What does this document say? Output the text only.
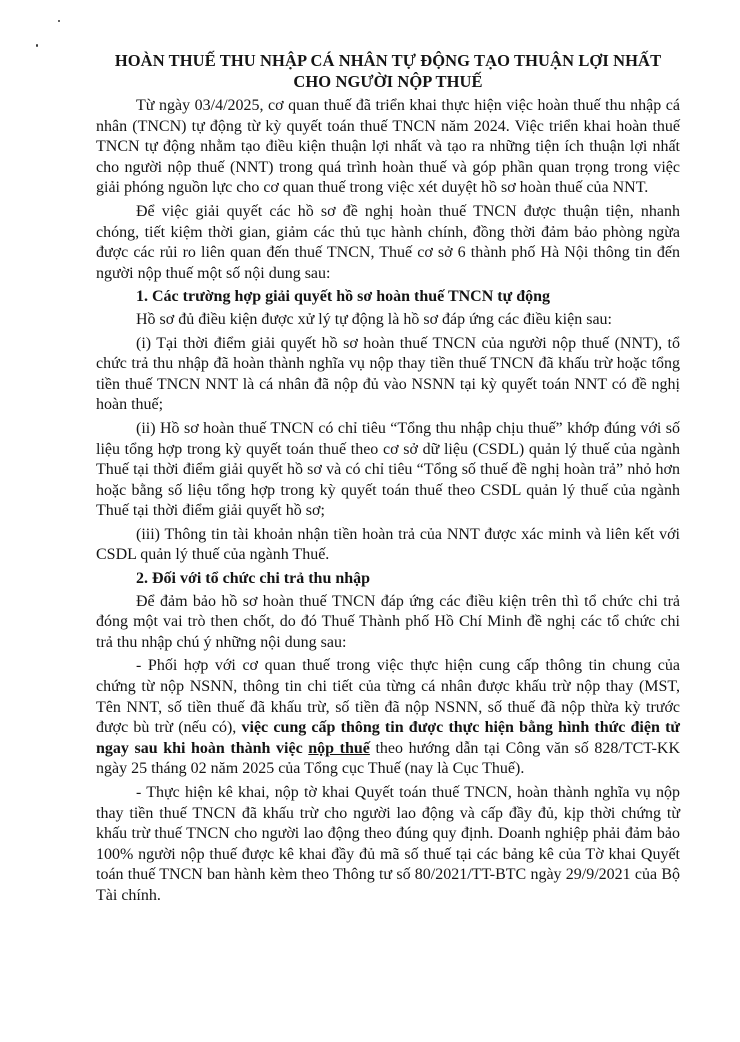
HOÀN THUẾ THU NHẬP CÁ NHÂN TỰ ĐỘNG TẠO THUẬN LỢI NHẤT
CHO NGƯỜI NỘP THUẾ

Từ ngày 03/4/2025, cơ quan thuế đã triển khai thực hiện việc hoàn thuế thu nhập cá nhân (TNCN) tự động từ kỳ quyết toán thuế TNCN năm 2024. Việc triển khai hoàn thuế TNCN tự động nhằm tạo điều kiện thuận lợi nhất và tạo ra những tiện ích thuận lợi nhất cho người nộp thuế (NNT) trong quá trình hoàn thuế và góp phần quan trọng trong việc giải phóng nguồn lực cho cơ quan thuế trong việc xét duyệt hồ sơ hoàn thuế của NNT.

Để việc giải quyết các hồ sơ đề nghị hoàn thuế TNCN được thuận tiện, nhanh chóng, tiết kiệm thời gian, giảm các thủ tục hành chính, đồng thời đảm bảo phòng ngừa được các rủi ro liên quan đến thuế TNCN, Thuế cơ sở 6 thành phố Hà Nội thông tin đến người nộp thuế một số nội dung sau:

1. Các trường hợp giải quyết hồ sơ hoàn thuế TNCN tự động

Hồ sơ đủ điều kiện được xử lý tự động là hồ sơ đáp ứng các điều kiện sau:

(i) Tại thời điểm giải quyết hồ sơ hoàn thuế TNCN của người nộp thuế (NNT), tổ chức trả thu nhập đã hoàn thành nghĩa vụ nộp thay tiền thuế TNCN đã khấu trừ hoặc tổng tiền thuế TNCN NNT là cá nhân đã nộp đủ vào NSNN tại kỳ quyết toán NNT có đề nghị hoàn thuế;

(ii) Hồ sơ hoàn thuế TNCN có chỉ tiêu “Tổng thu nhập chịu thuế” khớp đúng với số liệu tổng hợp trong kỳ quyết toán thuế theo cơ sở dữ liệu (CSDL) quản lý thuế của ngành Thuế tại thời điểm giải quyết hồ sơ và có chỉ tiêu “Tổng số thuế đề nghị hoàn trả” nhỏ hơn hoặc bằng số liệu tổng hợp trong kỳ quyết toán thuế theo CSDL quản lý thuế của ngành Thuế tại thời điểm giải quyết hồ sơ;

(iii) Thông tin tài khoản nhận tiền hoàn trả của NNT được xác minh và liên kết với CSDL quản lý thuế của ngành Thuế.

2. Đối với tổ chức chi trả thu nhập

Để đảm bảo hồ sơ hoàn thuế TNCN đáp ứng các điều kiện trên thì tổ chức chi trả đóng một vai trò then chốt, do đó Thuế Thành phố Hồ Chí Minh đề nghị các tổ chức chi trả thu nhập chú ý những nội dung sau:

- Phối hợp với cơ quan thuế trong việc thực hiện cung cấp thông tin chung của chứng từ nộp NSNN, thông tin chi tiết của từng cá nhân được khấu trừ nộp thay (MST, Tên NNT, số tiền thuế đã khấu trừ, số tiền đã nộp NSNN, số thuế đã nộp thừa kỳ trước được bù trừ (nếu có), việc cung cấp thông tin được thực hiện bằng hình thức điện tử ngay sau khi hoàn thành việc nộp thuế theo hướng dẫn tại Công văn số 828/TCT-KK ngày 25 tháng 02 năm 2025 của Tổng cục Thuế (nay là Cục Thuế).

- Thực hiện kê khai, nộp tờ khai Quyết toán thuế TNCN, hoàn thành nghĩa vụ nộp thay tiền thuế TNCN đã khấu trừ cho người lao động và cấp đầy đủ, kịp thời chứng từ khấu trừ thuế TNCN cho người lao động theo đúng quy định. Doanh nghiệp phải đảm bảo 100% người nộp thuế được kê khai đầy đủ mã số thuế tại các bảng kê của Tờ khai Quyết toán thuế TNCN ban hành kèm theo Thông tư số 80/2021/TT-BTC ngày 29/9/2021 của Bộ Tài chính.
